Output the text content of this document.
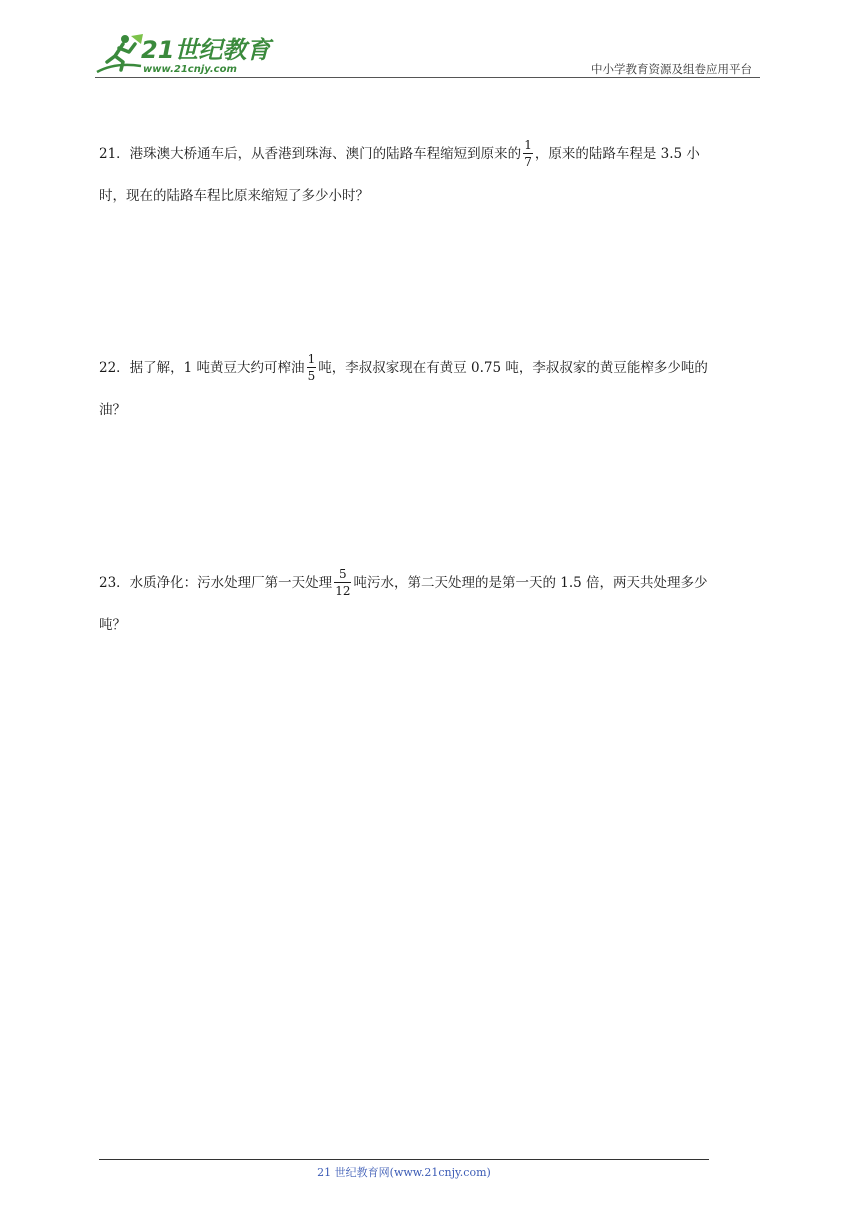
21世纪教育
www.21cnjy.com	中小学教育资源及组卷应用平台
21．港珠澳大桥通车后，从香港到珠海、澳门的陆路车程缩短到原来的 $\frac{1}{7}$ ，原来的陆路车程是 3.5 小
时，现在的陆路车程比原来缩短了多少小时？
22．据了解，1 吨黄豆大约可榨油 $\frac{1}{5}$ 吨，李叔叔家现在有黄豆 0.75 吨，李叔叔家的黄豆能榨多少吨的
油？
23．水质净化：污水处理厂第一天处理 $\frac{5}{12}$ 吨污水，第二天处理的是第一天的 1.5 倍，两天共处理多少
吨？
21 世纪教育网(www.21cnjy.com)
